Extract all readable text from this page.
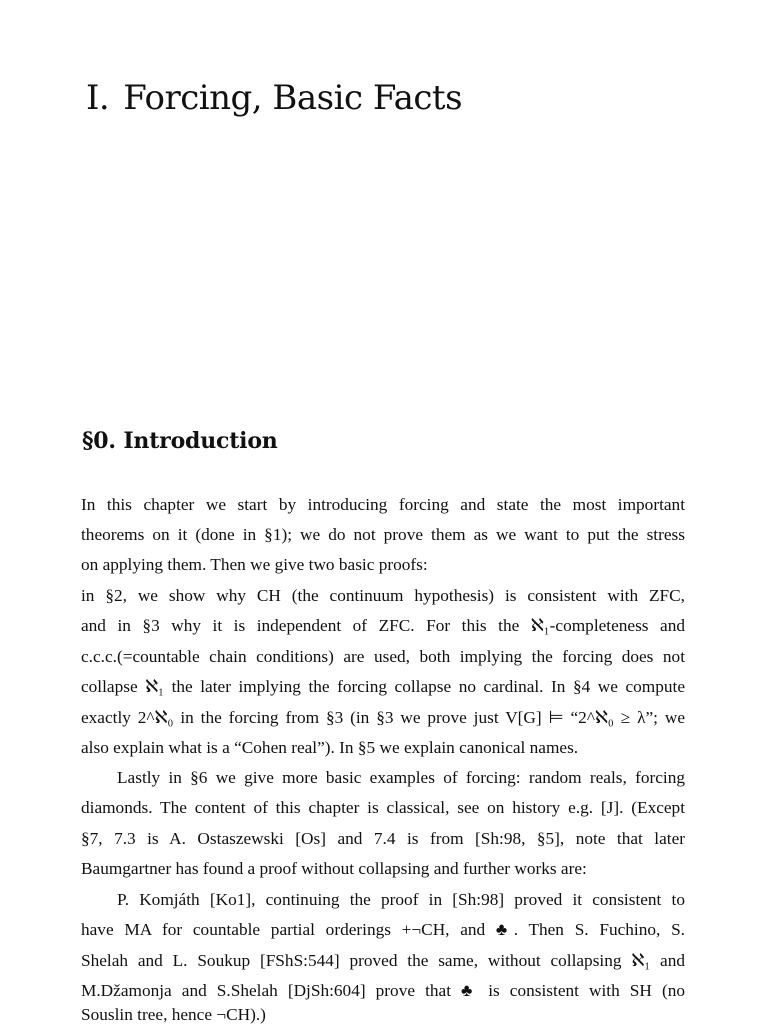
I. Forcing, Basic Facts
§0. Introduction

In this chapter we start by introducing forcing and state the most important

theorems on it (done in §1); we do not prove them as we want to put the stress

on applying them. Then we give two basic proofs:

in §2, we show why CH (the continuum hypothesis) is consistent with ZFC,

and in §3 why it is independent of ZFC. For this the ℵ₁-completeness and

c.c.c.(=countable chain conditions) are used, both implying the forcing does not

collapse ℵ₁ the later implying the forcing collapse no cardinal. In §4 we compute

exactly 2^ℵ₀ in the forcing from §3 (in §3 we prove just V[G] ⊨ “2^ℵ₀ ≥ λ”; we

also explain what is a “Cohen real”). In §5 we explain canonical names.

Lastly in §6 we give more basic examples of forcing: random reals, forcing

diamonds. The content of this chapter is classical, see on history e.g. [J]. (Except

§7, 7.3 is A. Ostaszewski [Os] and 7.4 is from [Sh:98, §5], note that later

Baumgartner has found a proof without collapsing and further works are:

P. Komjáth [Ko1], continuing the proof in [Sh:98] proved it consistent to

have MA for countable partial orderings +¬CH, and ♣. Then S. Fuchino, S.

Shelah and L. Soukup [FShS:544] proved the same, without collapsing ℵ₁ and

M.Džamonja and S.Shelah [DjSh:604] prove that ♣ is consistent with SH (no

Souslin tree, hence ¬CH).)
